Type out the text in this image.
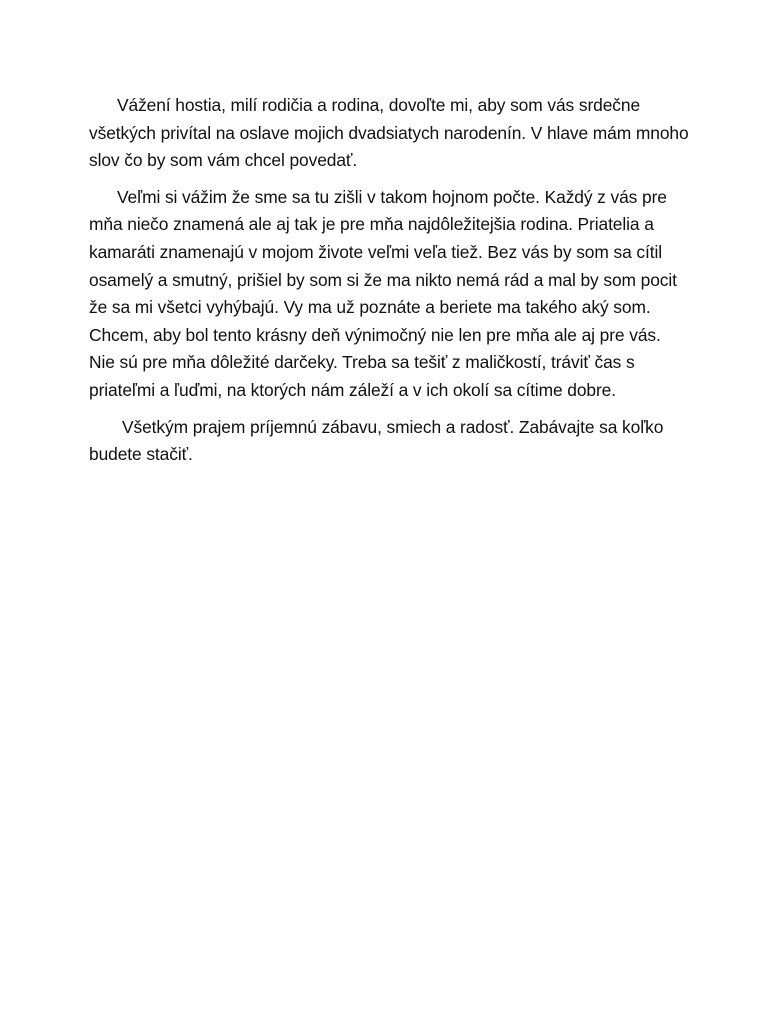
Vážení hostia, milí rodičia a rodina, dovoľte mi, aby som vás srdečne všetkých privítal na oslave mojich dvadsiatych narodenín. V hlave mám mnoho slov čo by som vám chcel povedať.

Veľmi si vážim že sme sa tu zišli v takom hojnom počte. Každý z vás pre mňa niečo znamená ale aj tak je pre mňa najdôležitejšia rodina. Priatelia a kamaráti znamenajú v mojom živote veľmi veľa tiež. Bez vás by som sa cítil osamelý a smutný, prišiel by som si že ma nikto nemá rád a mal by som pocit že sa mi všetci vyhýbajú. Vy ma už poznáte a beriete ma takého aký som. Chcem, aby bol tento krásny deň výnimočný nie len pre mňa ale aj pre vás. Nie sú pre mňa dôležité darčeky. Treba sa tešiť z maličkostí, tráviť čas s priateľmi a ľuďmi, na ktorých nám záleží a v ich okolí sa cítime dobre.

Všetkým prajem príjemnú zábavu, smiech a radosť. Zabávajte sa koľko budete stačiť.
